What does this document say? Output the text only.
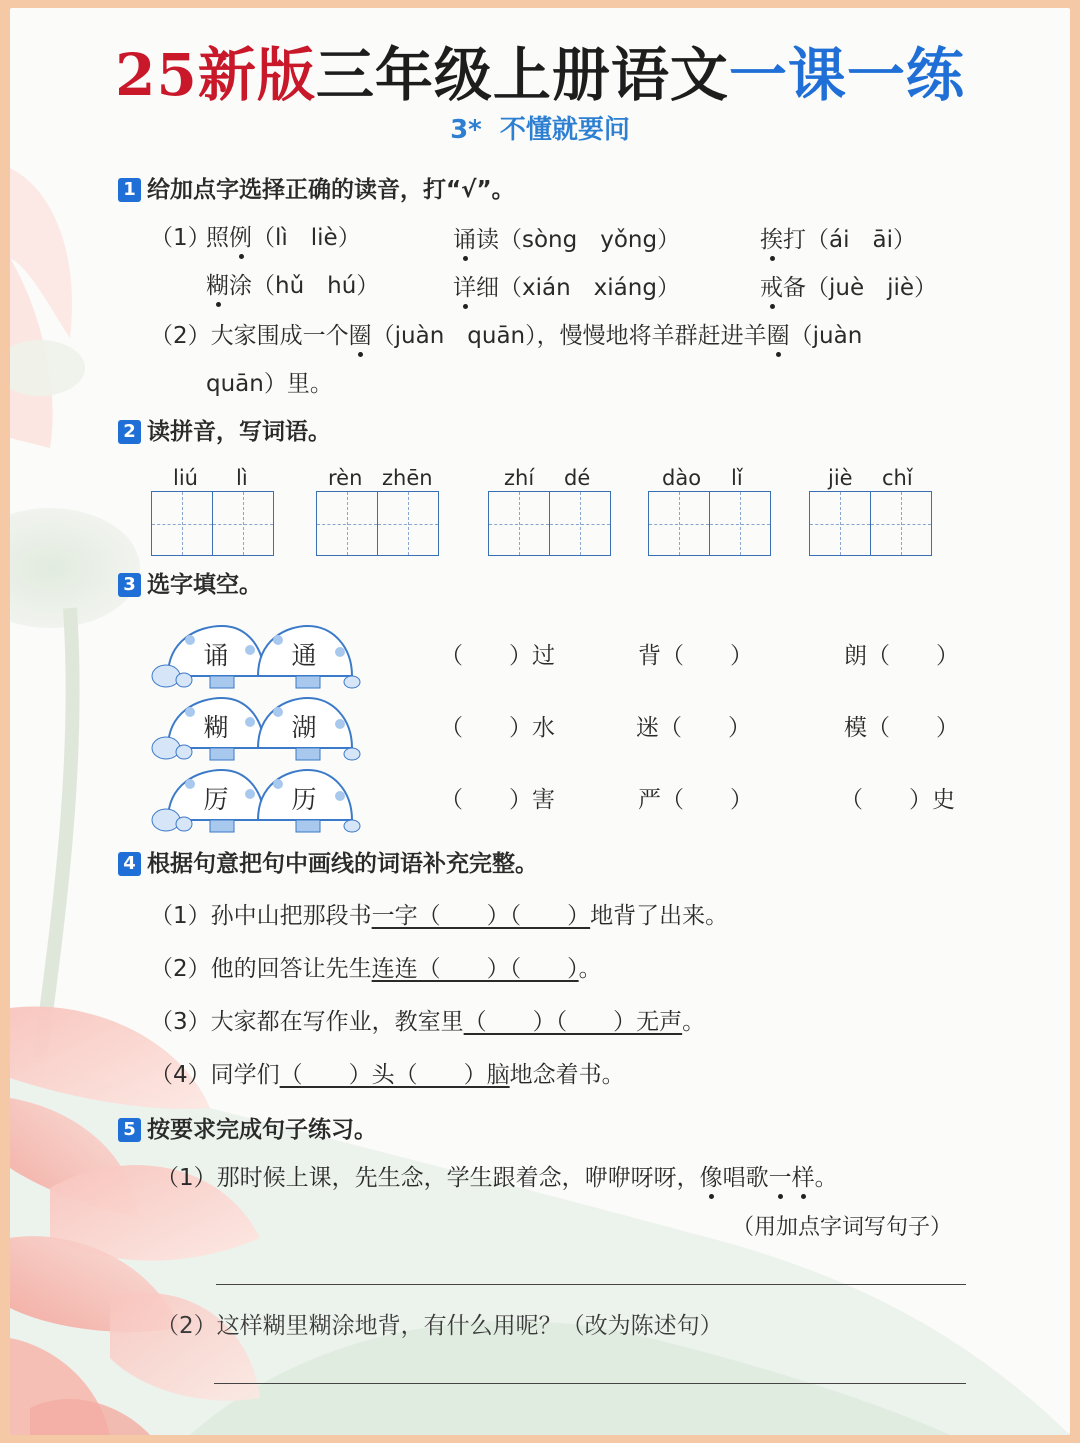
25新版三年级上册语文一课一练
3* 不懂就要问
1 给加点字选择正确的读音，打“√”。
（1）
照例（lì　liè）	诵读（sòng　yǒng）	挨打（ái　āi）
糊涂（hǔ　hú）	详细（xián　xiáng）	戒备（juè　jiè）
（2）大家围成一个圈（juàn　quān），慢慢地将羊群赶进羊圈（juàn
quān）里。
2 读拼音，写词语。
liú lì	rèn zhēn	zhí dé	dào lǐ	jiè chǐ
3 选字填空。
诵	通
糊	湖
厉	历
（　　）过	背（　　）	朗（　　）
（　　）水	迷（　　）	模（　　）
（　　）害	严（　　）	（　　）史
4 根据句意把句中画线的词语补充完整。
（1）孙中山把那段书一字（　　）（　　）地背了出来。
（2）他的回答让先生连连（　　）（　　）。
（3）大家都在写作业，教室里（　　）（　　）无声。
（4）同学们（　　）头（　　）脑地念着书。
5 按要求完成句子练习。
（1）那时候上课，先生念，学生跟着念，咿咿呀呀，像唱歌一样。
（用加点字词写句子）
（2）这样糊里糊涂地背，有什么用呢？（改为陈述句）
